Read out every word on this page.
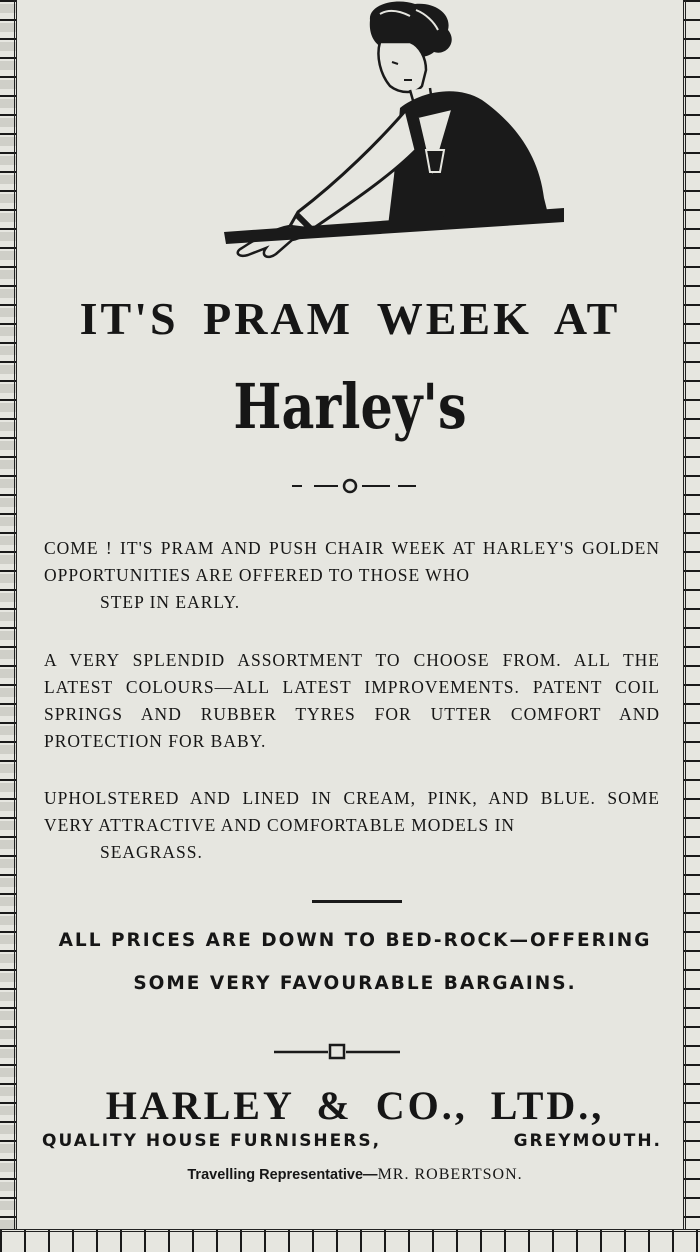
IT'S PRAM WEEK AT
Harley's

COME ! IT'S PRAM AND PUSH CHAIR WEEK AT HARLEY'S GOLDEN OPPORTUNITIES ARE OFFERED TO THOSE WHO
STEP IN EARLY.

A VERY SPLENDID ASSORTMENT TO CHOOSE FROM. ALL THE LATEST COLOURS—ALL LATEST IMPROVEMENTS. PATENT COIL SPRINGS AND RUBBER TYRES FOR UTTER COMFORT AND PROTECTION FOR BABY.

UPHOLSTERED AND LINED IN CREAM, PINK, AND BLUE. SOME VERY ATTRACTIVE AND COMFORTABLE MODELS IN
SEAGRASS.

ALL PRICES ARE DOWN TO BED-ROCK—OFFERING

SOME VERY FAVOURABLE BARGAINS.

HARLEY & CO., LTD.,

QUALITY HOUSE FURNISHERS,	GREYMOUTH.

Travelling Representative—MR. ROBERTSON.
